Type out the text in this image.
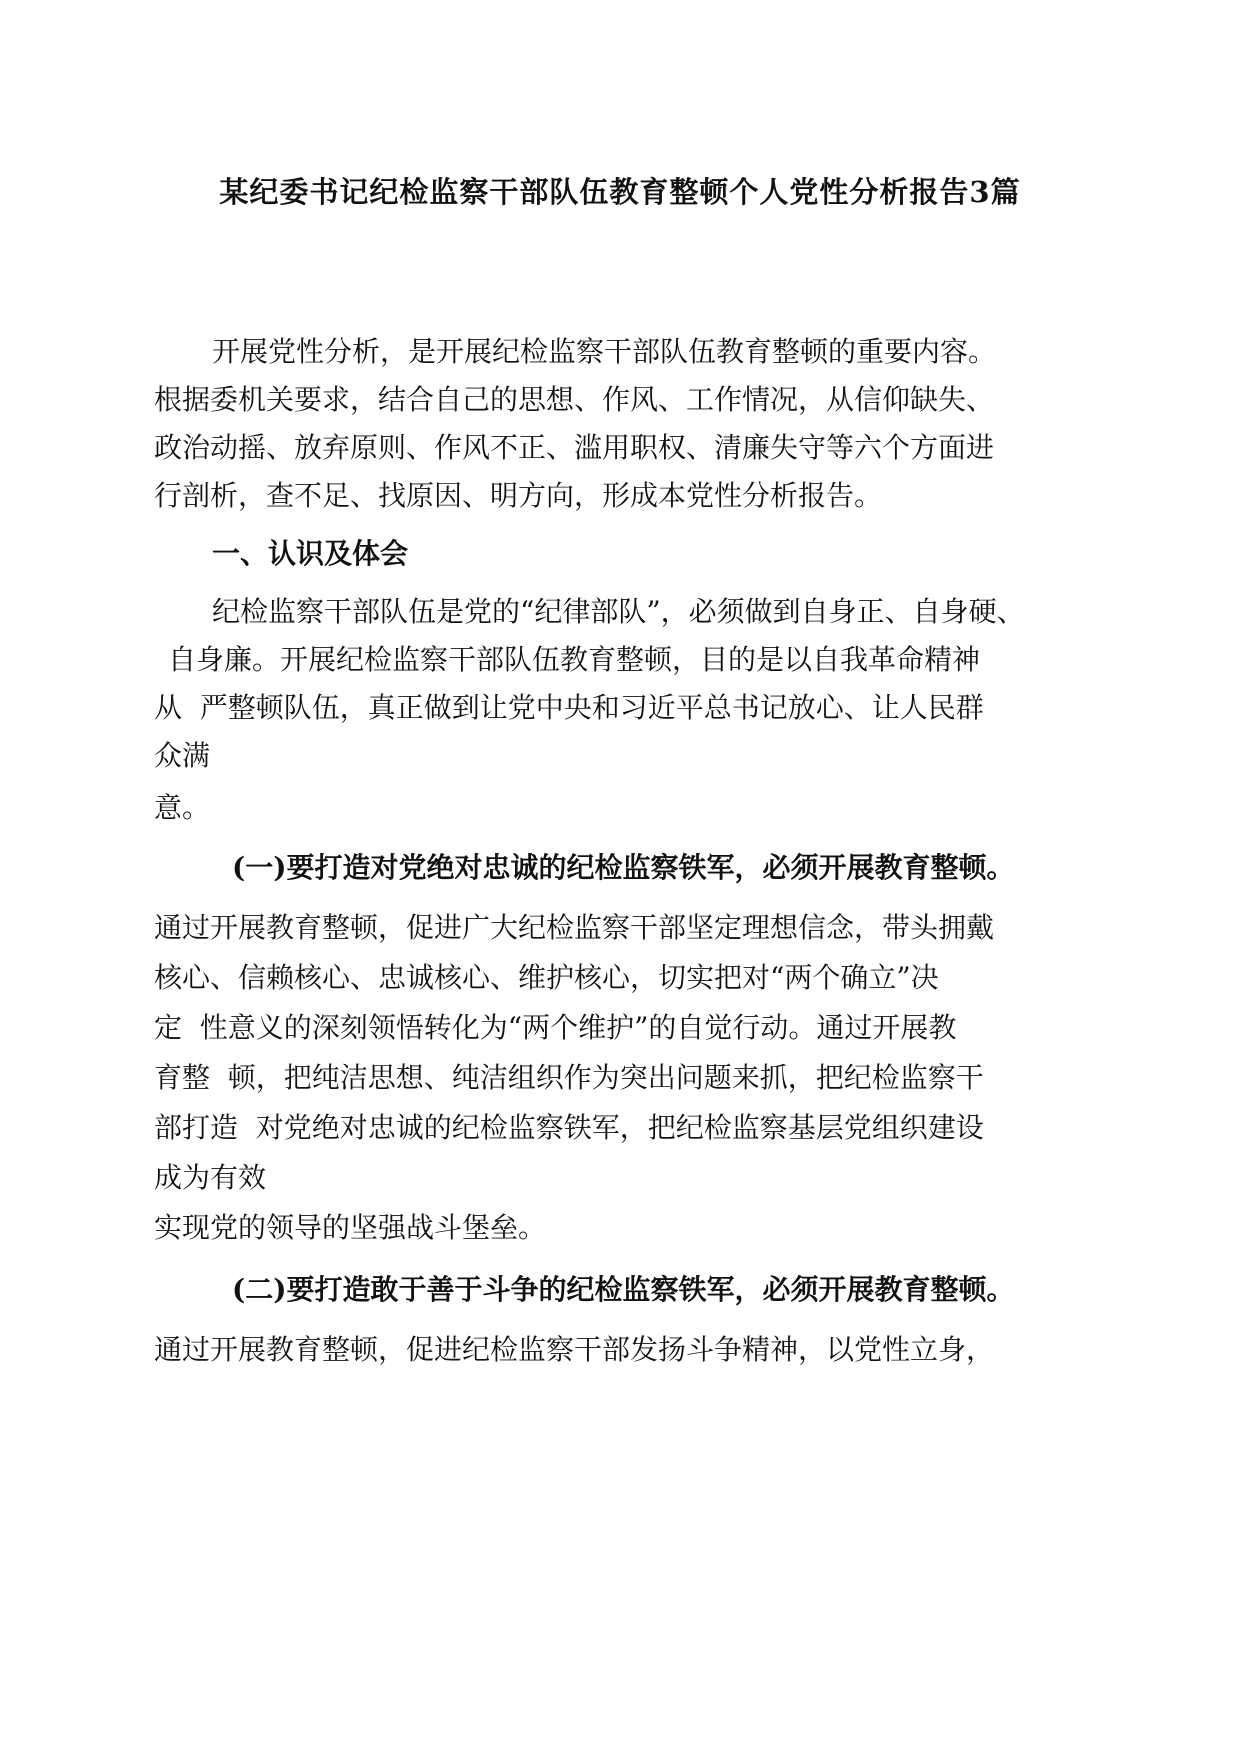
某纪委书记纪检监察干部队伍教育整顿个人党性分析报告3篇
开展党性分析，是开展纪检监察干部队伍教育整顿的重要内容。
根据委机关要求，结合自己的思想、作风、工作情况，从信仰缺失、
政治动摇、放弃原则、作风不正、滥用职权、清廉失守等六个方面进
行剖析，查不足、找原因、明方向，形成本党性分析报告。
一、认识及体会
纪检监察干部队伍是党的“纪律部队”，必须做到自身正、自身硬、
自身廉。开展纪检监察干部队伍教育整顿，目的是以自我革命精神
从  严整顿队伍，真正做到让党中央和习近平总书记放心、让人民群
众满
意。
(一)要打造对党绝对忠诚的纪检监察铁军，必须开展教育整顿。
通过开展教育整顿，促进广大纪检监察干部坚定理想信念，带头拥戴
核心、信赖核心、忠诚核心、维护核心，切实把对“两个确立”决
定  性意义的深刻领悟转化为“两个维护”的自觉行动。通过开展教
育整  顿，把纯洁思想、纯洁组织作为突出问题来抓，把纪检监察干
部打造  对党绝对忠诚的纪检监察铁军，把纪检监察基层党组织建设
成为有效
实现党的领导的坚强战斗堡垒。
(二)要打造敢于善于斗争的纪检监察铁军，必须开展教育整顿。
通过开展教育整顿，促进纪检监察干部发扬斗争精神，以党性立身，
